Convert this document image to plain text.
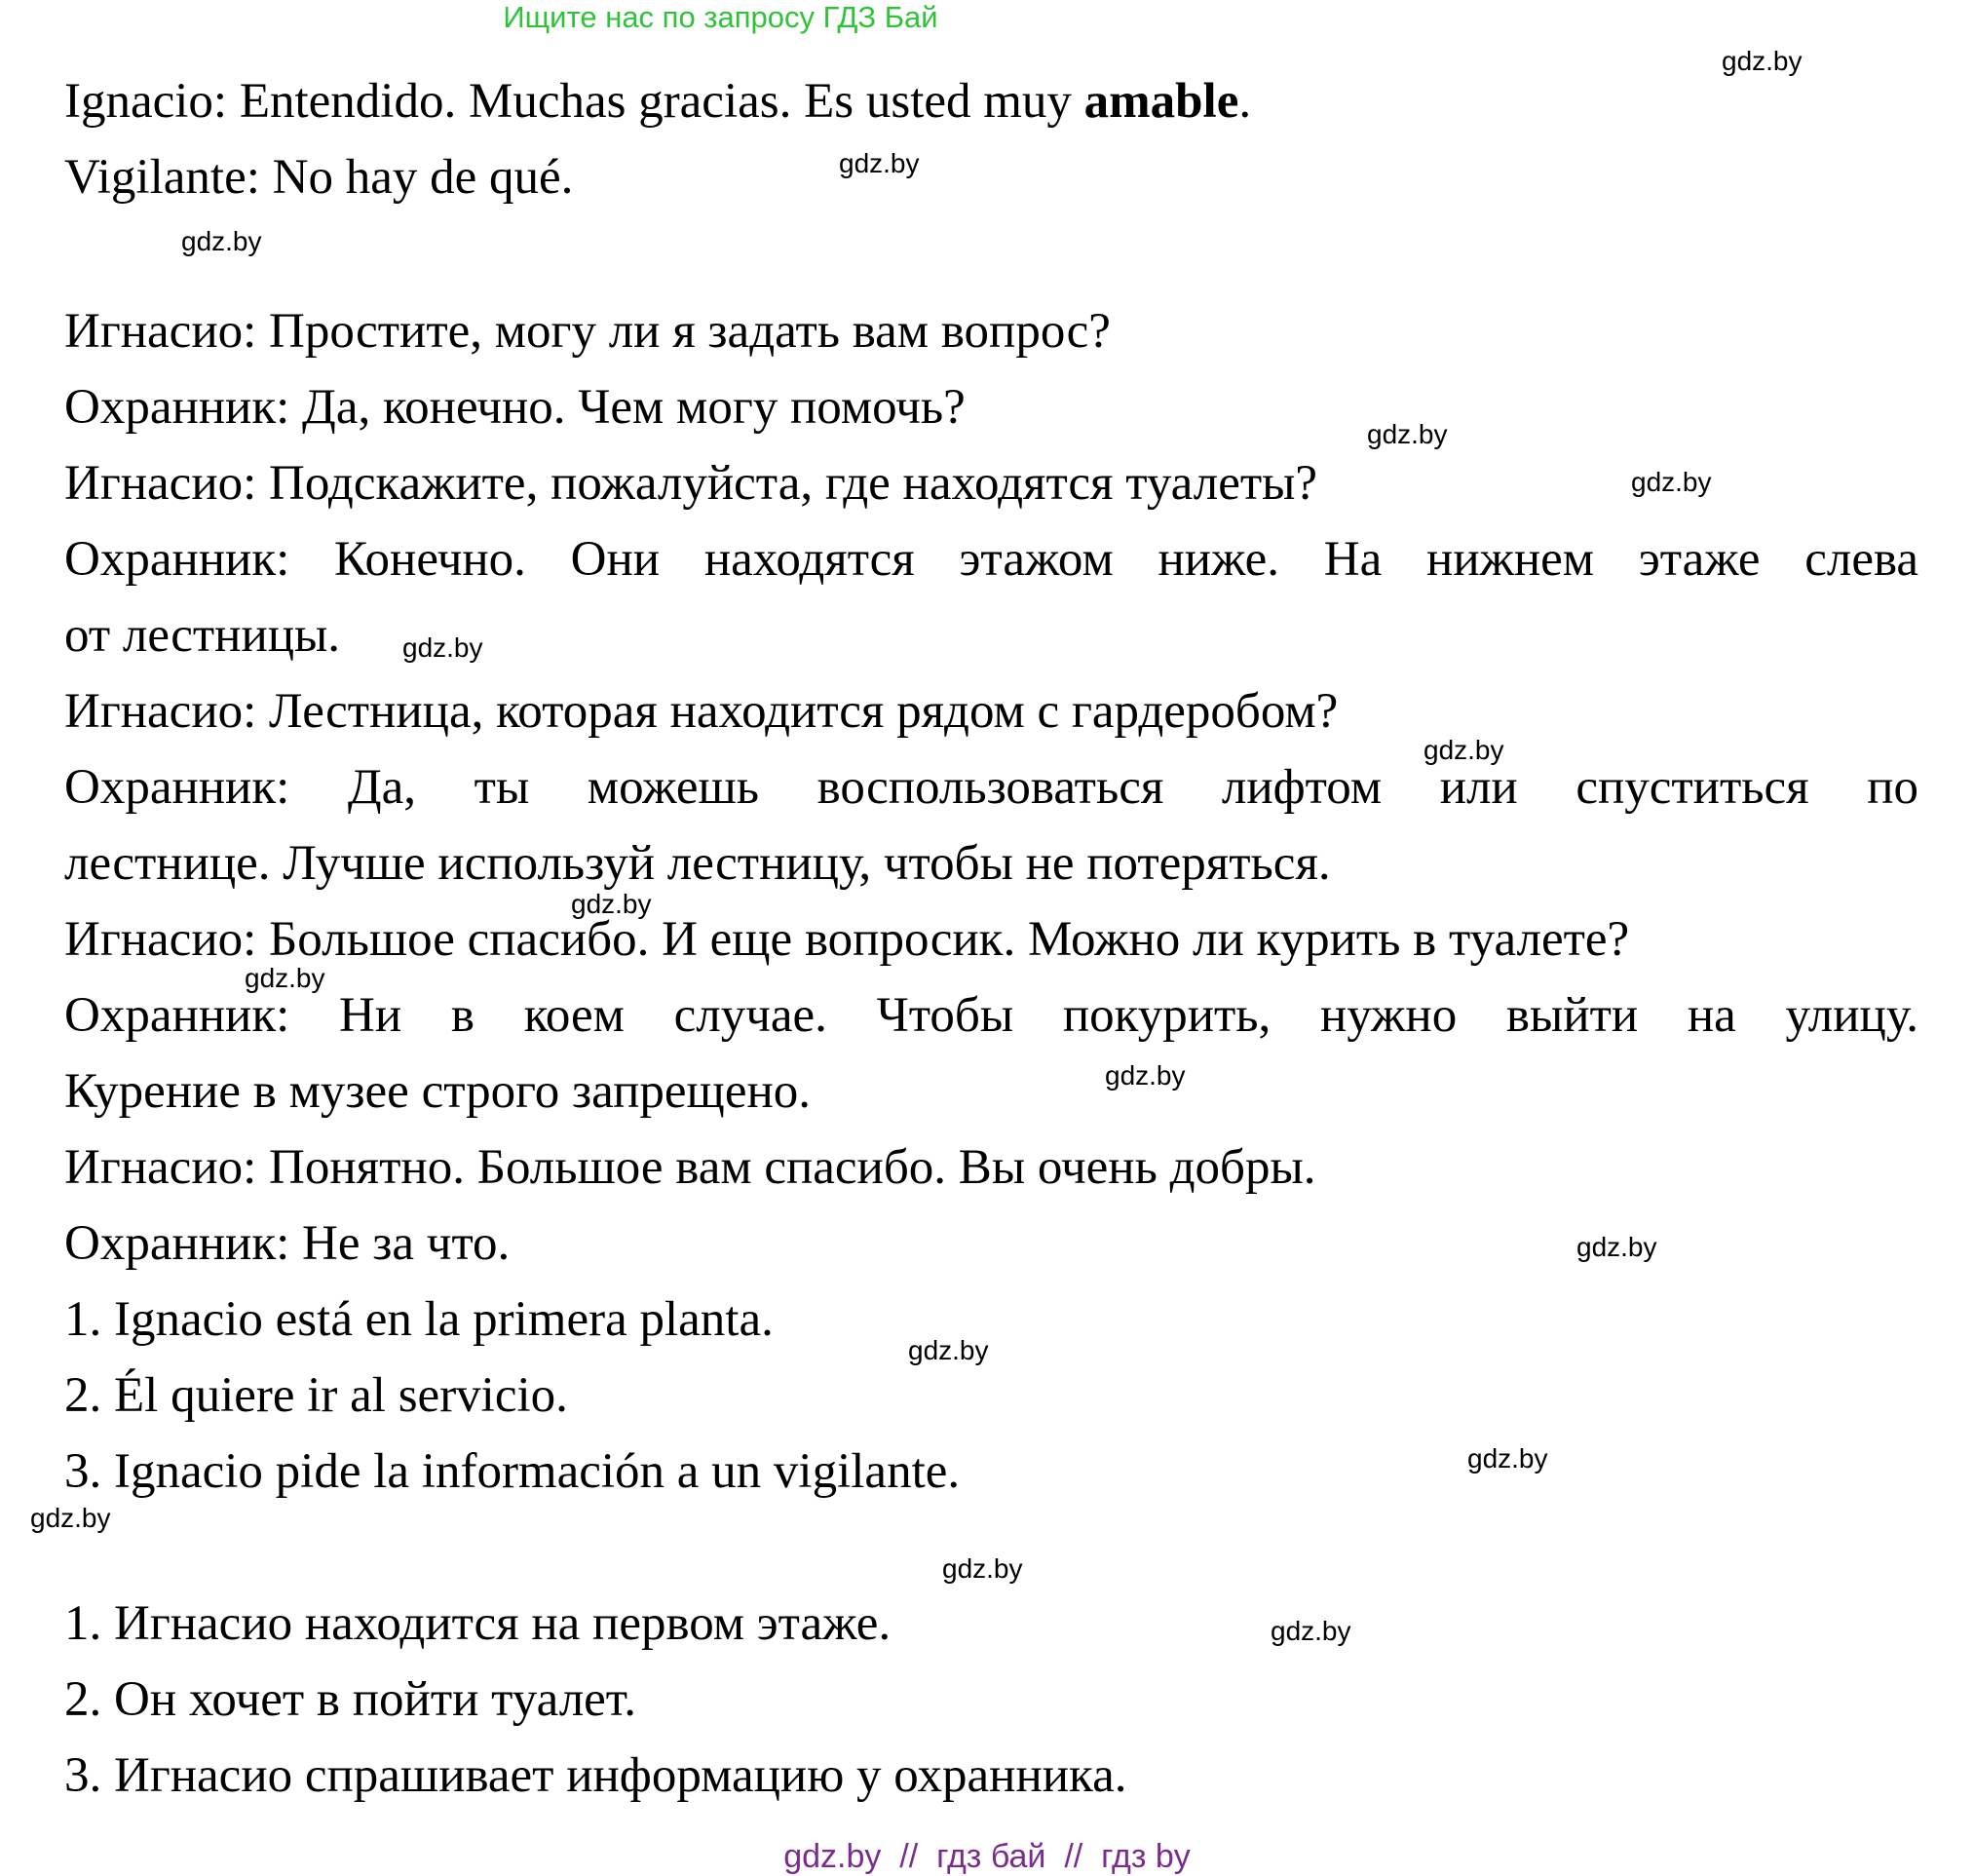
Ищите нас по запросу ГДЗ Бай
Ignacio: Entendido. Muchas gracias. Es usted muy amable.
Vigilante: No hay de qué.
Игнасио: Простите, могу ли я задать вам вопрос?
Охранник: Да, конечно. Чем могу помочь?
Игнасио: Подскажите, пожалуйста, где находятся туалеты?
Охранник: Конечно. Они находятся этажом ниже. На нижнем этаже слева
от лестницы.
Игнасио: Лестница, которая находится рядом с гардеробом?
Охранник: Да, ты можешь воспользоваться лифтом или спуститься по
лестнице. Лучше используй лестницу, чтобы не потеряться.
Игнасио: Большое спасибо. И еще вопросик. Можно ли курить в туалете?
Охранник: Ни в коем случае. Чтобы покурить, нужно выйти на улицу.
Курение в музее строго запрещено.
Игнасио: Понятно. Большое вам спасибо. Вы очень добры.
Охранник: Не за что.
1. Ignacio está en la primera planta.
2. Él quiere ir al servicio.
3. Ignacio pide la información a un vigilante.
1. Игнасио находится на первом этаже.
2. Он хочет в пойти туалет.
3. Игнасио спрашивает информацию у охранника.
gdz.by
gdz.by
gdz.by
gdz.by
gdz.by
gdz.by
gdz.by
gdz.by
gdz.by
gdz.by
gdz.by
gdz.by
gdz.by
gdz.by
gdz.by
gdz.by
gdz.by  //  гдз бай  //  гдз by
